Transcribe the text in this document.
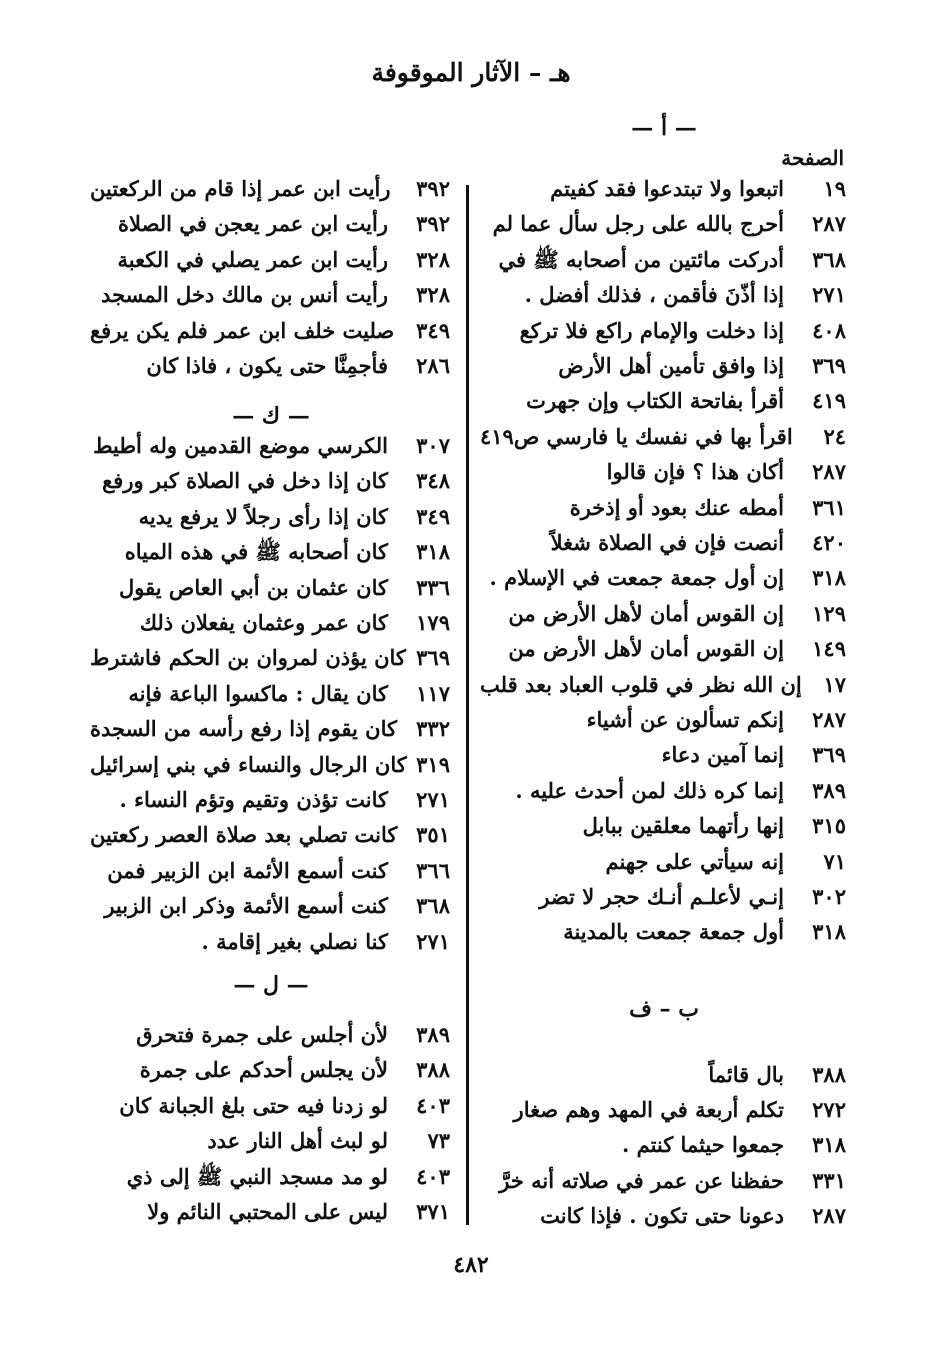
هـ – الآثار الموقوفة
— أ —
الصفحة
١٩
اتبعوا ولا تبتدعوا فقد كفيتم
٢٨٧
أحرج بالله على رجل سأل عما لم
٣٦٨
أدركت مائتين من أصحابه ﷺ في
٢٧١
إذا أذّنَ فأقمن ، فذلك أفضل .
٤٠٨
إذا دخلت والإمام راكع فلا تركع
٣٦٩
إذا وافق تأمين أهل الأرض
٤١٩
أقرأ بفاتحة الكتاب وإن جهرت
٢٤
اقرأ بها في نفسك يا فارسي ص٤١٩
٢٨٧
أكان هذا ؟ فإن قالوا
٣٦١
أمطه عنك بعود أو إذخرة
٤٢٠
أنصت فإن في الصلاة شغلاً
٣١٨
إن أول جمعة جمعت في الإسلام .
١٢٩
إن القوس أمان لأهل الأرض من
١٤٩
إن القوس أمان لأهل الأرض من
١٧
إن الله نظر في قلوب العباد بعد قلب
٢٨٧
إنكم تسألون عن أشياء
٣٦٩
إنما آمين دعاء
٣٨٩
إنما كره ذلك لمن أحدث عليه .
٣١٥
إنها رأتهما معلقين ببابل
٧١
إنه سيأتي على جهنم
٣٠٢
إنـي لأعلـم أنـك حجر لا تضر
٣١٨
أول جمعة جمعت بالمدينة
ب – ف
٣٨٨
بال قائماً
٢٧٢
تكلم أربعة في المهد وهم صغار
٣١٨
جمعوا حيثما كنتم .
٣٣١
حفظنا عن عمر في صلاته أنه خرَّ
٢٨٧
دعونا حتى تكون . فإذا كانت
٣٩٢
رأيت ابن عمر إذا قام من الركعتين
٣٩٢
رأيت ابن عمر يعجن في الصلاة
٣٢٨
رأيت ابن عمر يصلي في الكعبة
٣٢٨
رأيت أنس بن مالك دخل المسجد
٣٤٩
صليت خلف ابن عمر فلم يكن يرفع
٢٨٦
فأجمِنَّا حتى يكون ، فاذا كان
— ك —
٣٠٧
الكرسي موضع القدمين وله أطيط
٣٤٨
كان إذا دخل في الصلاة كبر ورفع
٣٤٩
كان إذا رأى رجلاً لا يرفع يديه
٣١٨
كان أصحابه ﷺ في هذه المياه
٣٣٦
كان عثمان بن أبي العاص يقول
١٧٩
كان عمر وعثمان يفعلان ذلك
٣٦٩
كان يؤذن لمروان بن الحكم فاشترط
١١٧
كان يقال : ماكسوا الباعة فإنه
٣٣٢
كان يقوم إذا رفع رأسه من السجدة
٣١٩
كان الرجال والنساء في بني إسرائيل
٢٧١
كانت تؤذن وتقيم وتؤم النساء .
٣٥١
كانت تصلي بعد صلاة العصر ركعتين
٣٦٦
كنت أسمع الأئمة ابن الزبير فمن
٣٦٨
كنت أسمع الأئمة وذكر ابن الزبير
٢٧١
كنا نصلي بغير إقامة .
— ل —
٣٨٩
لأن أجلس على جمرة فتحرق
٣٨٨
لأن يجلس أحدكم على جمرة
٤٠٣
لو زدنا فيه حتى بلغ الجبانة كان
٧٣
لو لبث أهل النار عدد
٤٠٣
لو مد مسجد النبي ﷺ إلى ذي
٣٧١
ليس على المحتبي النائم ولا
٤٨٢
